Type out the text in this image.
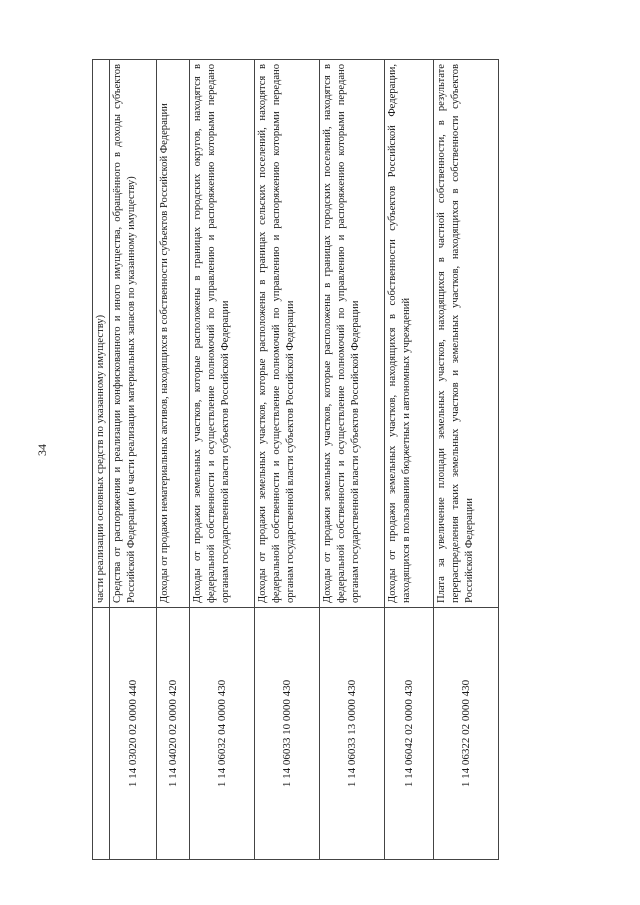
34
		части реализации основных средств по указанному имуществу)
1 14 03020 02 0000 440	Средства от распоряжения и реализации конфискованного и иного имущества, обращённого в доходы субъектов Российской Федерации (в части реализации материальных запасов по указанному имуществу)
1 14 04020 02 0000 420	Доходы от продажи нематериальных активов, находящихся в собственности субъектов Российской Федерации
1 14 06032 04 0000 430	Доходы от продажи земельных участков, которые расположены в границах городских округов, находятся в федеральной собственности и осуществление полномочий по управлению и распоряжению которыми передано органам государственной власти субъектов Российской Федерации
1 14 06033 10 0000 430	Доходы от продажи земельных участков, которые расположены в границах сельских поселений, находятся в федеральной собственности и осуществление полномочий по управлению и распоряжению которыми передано органам государственной власти субъектов Российской Федерации
1 14 06033 13 0000 430	Доходы от продажи земельных участков, которые расположены в границах городских поселений, находятся в федеральной собственности и осуществление полномочий по управлению и распоряжению которыми передано органам государственной власти субъектов Российской Федерации
1 14 06042 02 0000 430	Доходы от продажи земельных участков, находящихся в собственности субъектов Российской Федерации, находящихся в пользовании бюджетных и автономных учреждений
1 14 06322 02 0000 430	Плата за увеличение площади земельных участков, находящихся в частной собственности, в результате перераспределения таких земельных участков и земельных участков, находящихся в собственности субъектов Российской Федерации
